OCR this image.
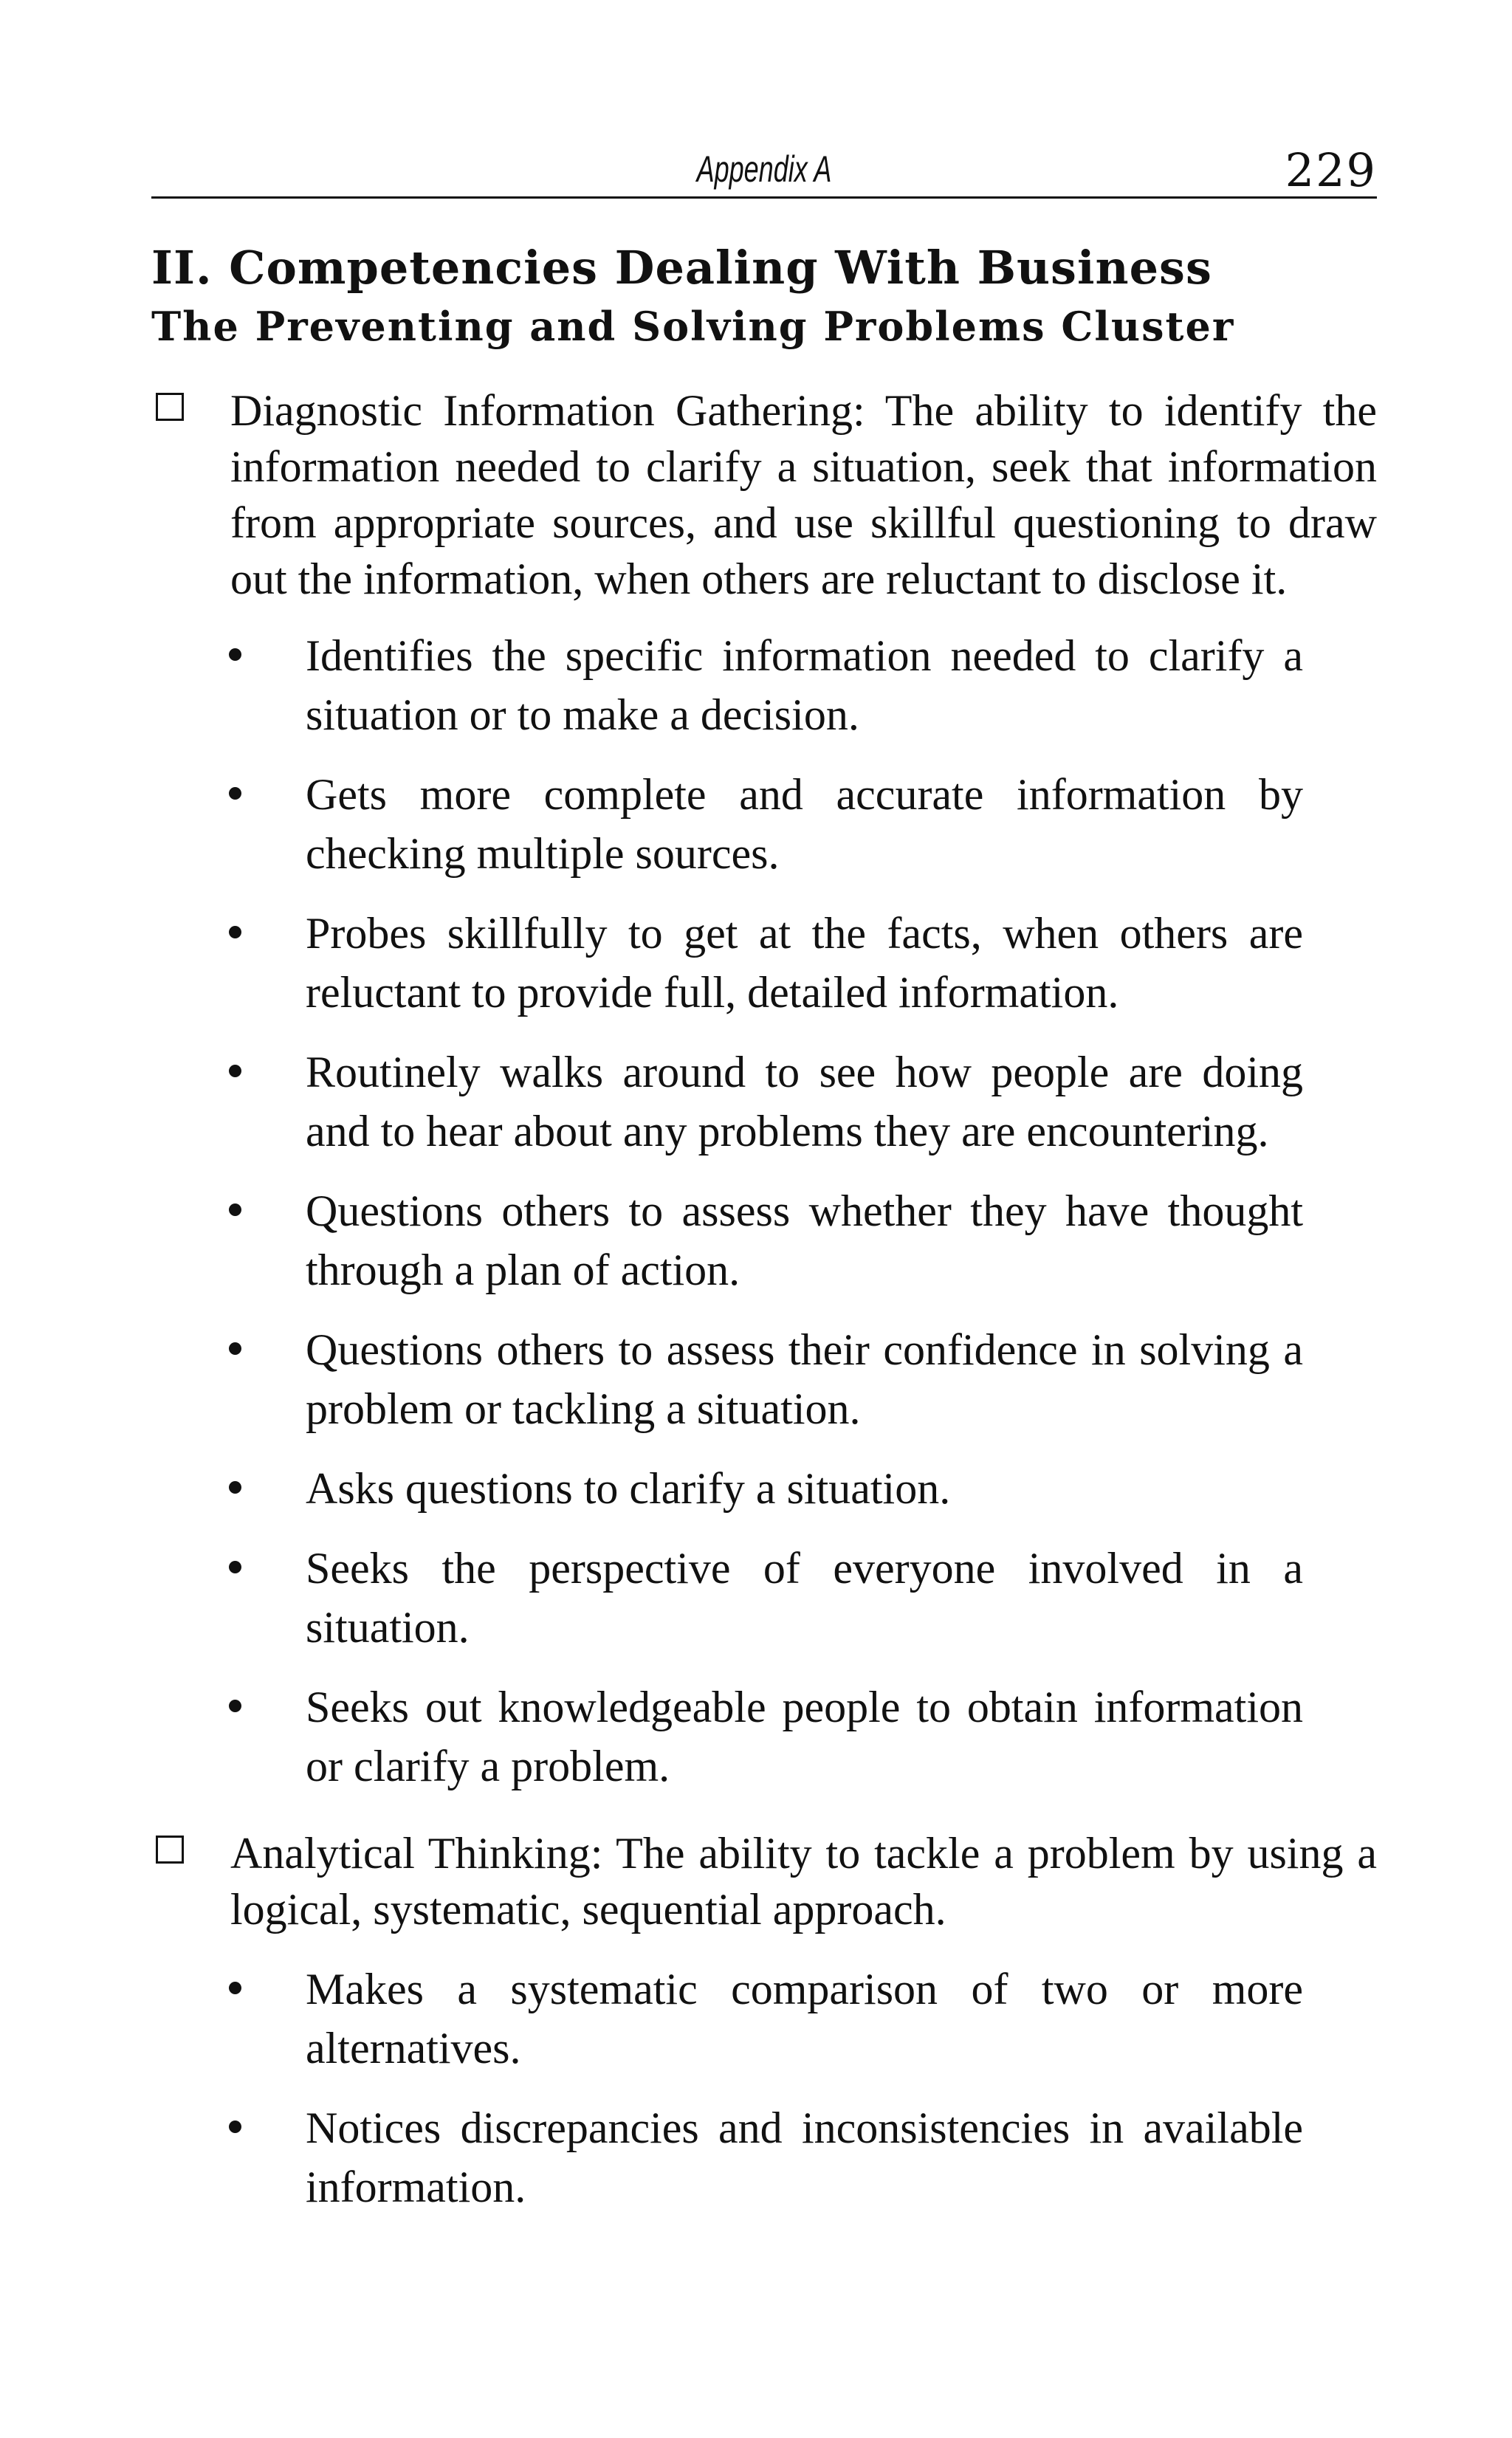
Appendix A	229
II. Competencies Dealing With Business
The Preventing and Solving Problems Cluster
Diagnostic Information Gathering: The ability to identify the information needed to clarify a situation, seek that information from appropriate sources, and use skillful questioning to draw out the information, when others are reluctant to disclose it.
Identifies the specific information needed to clarify a situation or to make a decision.
Gets more complete and accurate information by checking multiple sources.
Probes skillfully to get at the facts, when others are reluctant to provide full, detailed information.
Routinely walks around to see how people are doing and to hear about any problems they are encountering.
Questions others to assess whether they have thought through a plan of action.
Questions others to assess their confidence in solving a problem or tackling a situation.
Asks questions to clarify a situation.
Seeks the perspective of everyone involved in a situation.
Seeks out knowledgeable people to obtain information or clarify a problem.
Analytical Thinking: The ability to tackle a problem by using a logical, systematic, sequential approach.
Makes a systematic comparison of two or more alternatives.
Notices discrepancies and inconsistencies in available information.
